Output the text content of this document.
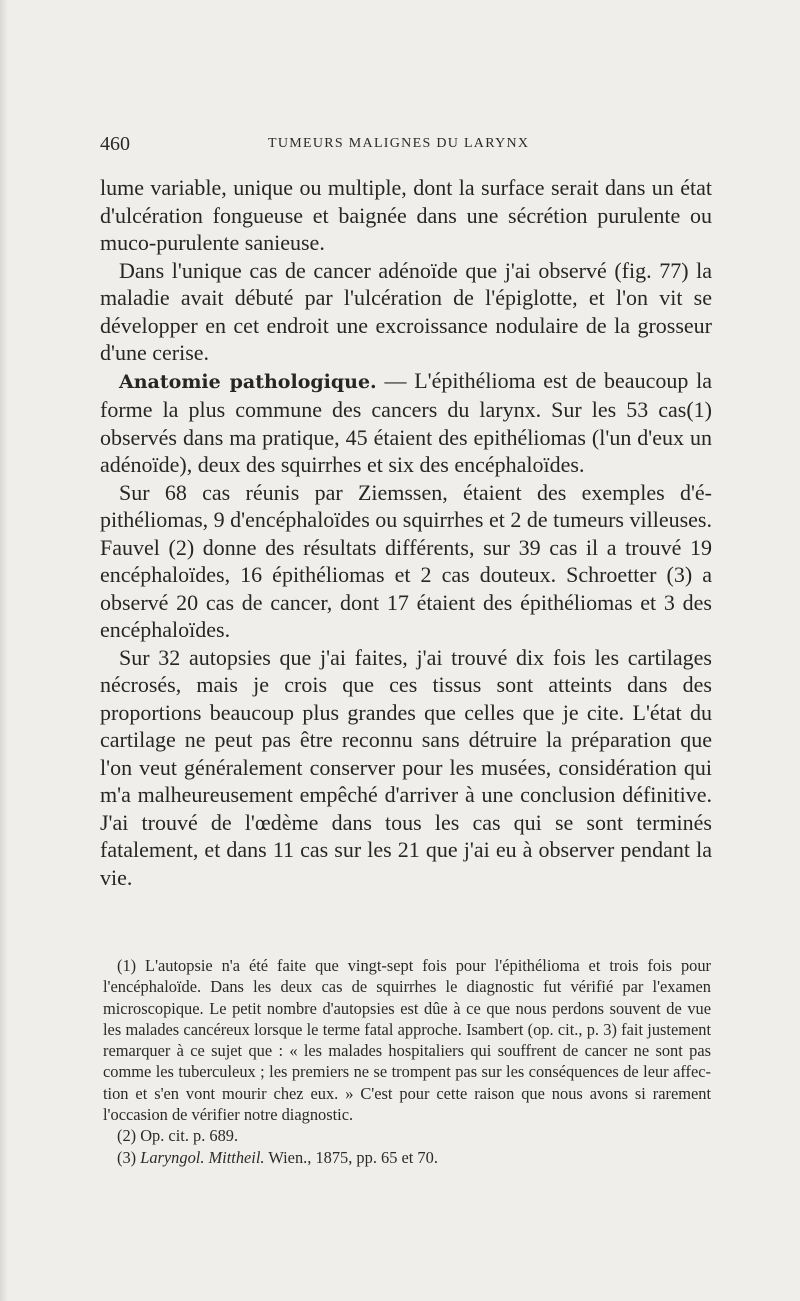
460	TUMEURS MALIGNES DU LARYNX

lume variable, unique ou multiple, dont la surface serait dans un état d'ulcération fongueuse et baignée dans une sécrétion purulente ou muco-purulente sanieuse.

Dans l'unique cas de cancer adénoïde que j'ai observé (fig. 77) la maladie avait débuté par l'ulcération de l'épiglotte, et l'on vit se développer en cet endroit une excroissance nodulaire de la grosseur d'une cerise.

Anatomie pathologique. — L'épithélioma est de beaucoup la forme la plus commune des cancers du larynx. Sur les 53 cas(1) observés dans ma pratique, 45 étaient des epithéliomas (l'un d'eux un adénoïde), deux des squirrhes et six des encéphaloïdes.

Sur 68 cas réunis par Ziemssen, étaient des exemples d'épithéliomas, 9 d'encéphaloïdes ou squirrhes et 2 de tumeurs villeuses. Fauvel (2) donne des résultats différents, sur 39 cas il a trouvé 19 encéphaloïdes, 16 épithéliomas et 2 cas douteux. Schroetter (3) a observé 20 cas de cancer, dont 17 étaient des épithéliomas et 3 des encéphaloïdes.

Sur 32 autopsies que j'ai faites, j'ai trouvé dix fois les cartilages nécrosés, mais je crois que ces tissus sont atteints dans des proportions beaucoup plus grandes que celles que je cite. L'état du cartilage ne peut pas être reconnu sans détruire la préparation que l'on veut généralement conserver pour les musées, considération qui m'a malheureusement empêché d'arriver à une conclusion définitive. J'ai trouvé de l'œdème dans tous les cas qui se sont terminés fatalement, et dans 11 cas sur les 21 que j'ai eu à observer pendant la vie.

(1) L'autopsie n'a été faite que vingt-sept fois pour l'épithélioma et trois fois pour l'encéphaloïde. Dans les deux cas de squirrhes le diagnostic fut vérifié par l'examen microscopique. Le petit nombre d'autopsies est dûe à ce que nous perdons souvent de vue les malades cancéreux lorsque le terme fatal approche. Isambert (op. cit., p. 3) fait justement remarquer à ce sujet que : « les malades hospitaliers qui souffrent de cancer ne sont pas comme les tuberculeux ; les premiers ne se trompent pas sur les conséquences de leur affection et s'en vont mourir chez eux. » C'est pour cette raison que nous avons si rarement l'occasion de vérifier notre diagnostic.

(2) Op. cit. p. 689.

(3) Laryngol. Mittheil. Wien., 1875, pp. 65 et 70.
